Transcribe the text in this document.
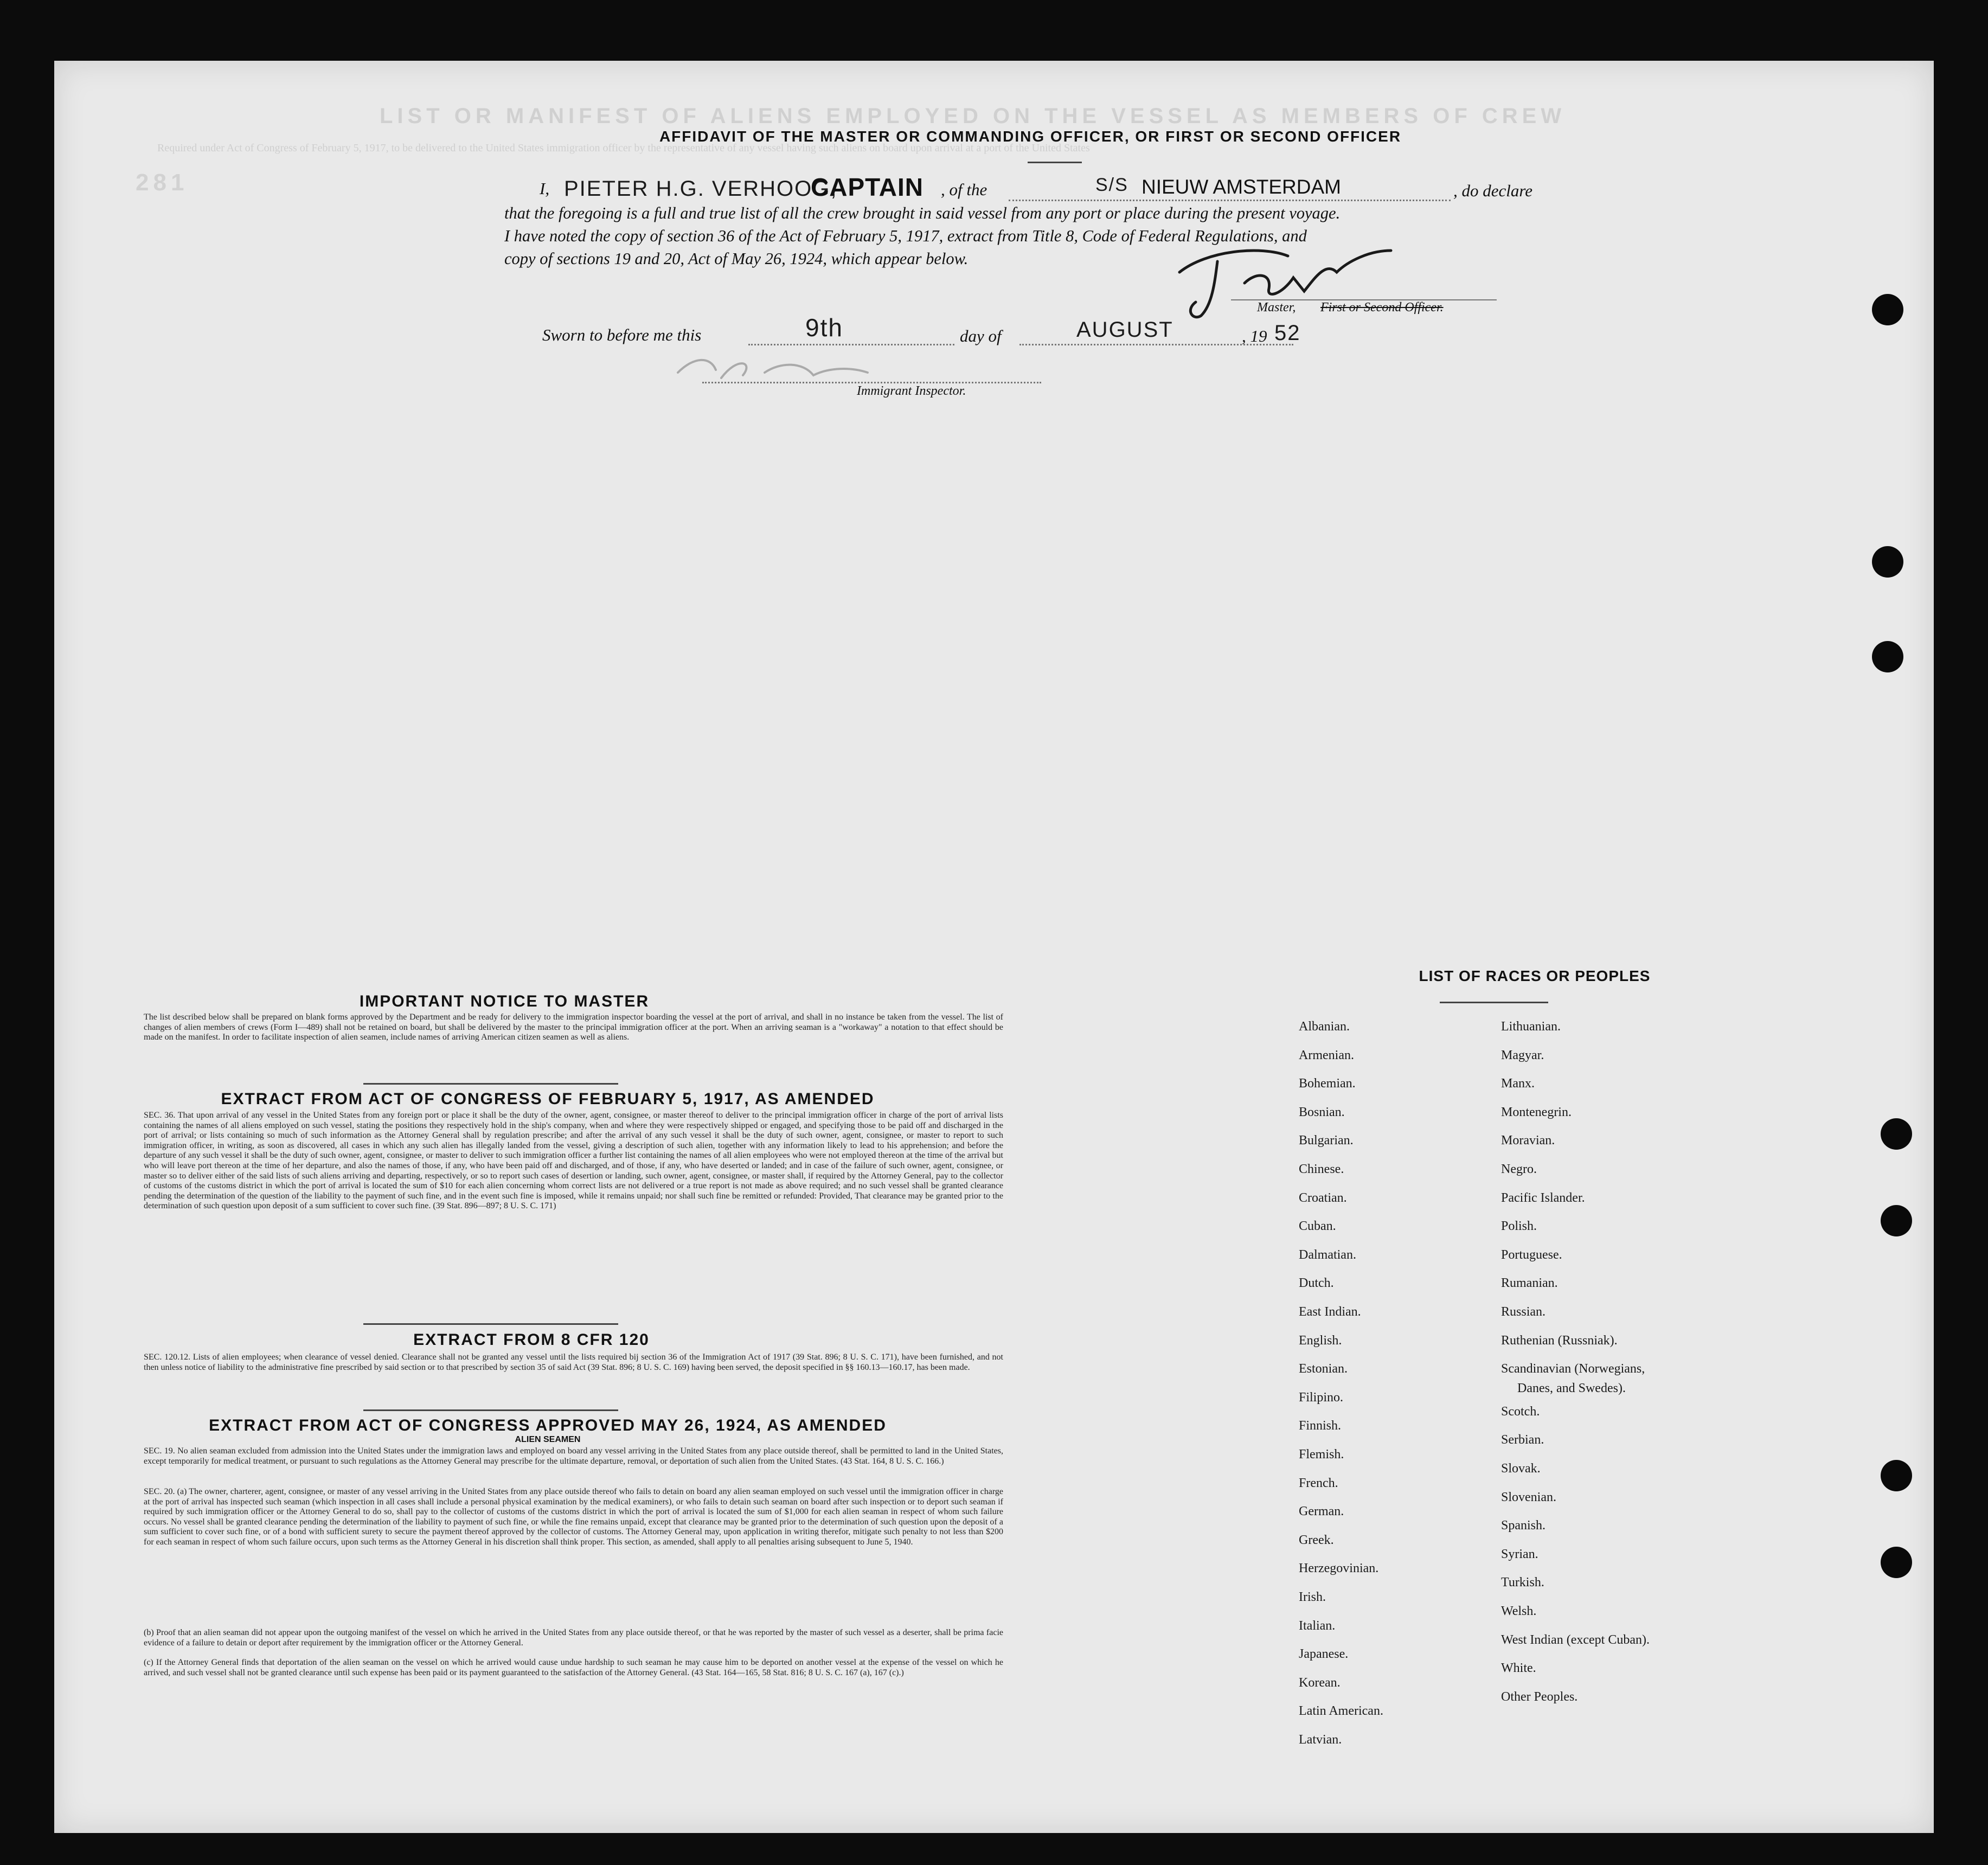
LIST OR MANIFEST OF ALIENS EMPLOYED ON THE VESSEL AS MEMBERS OF CREW
Required under Act of Congress of February 5, 1917, to be delivered to the United States immigration officer by the representative of any vessel having such aliens on board upon arrival at a port of the United States
281
AFFIDAVIT OF THE MASTER OR COMMANDING OFFICER, OR FIRST OR SECOND OFFICER
I, PIETER H.G. VERHOOG,
CAPTAIN , of the	S/S NIEUW AMSTERDAM	, do declare
that the foregoing is a full and true list of all the crew brought in said vessel from any port or place during the present voyage.
I have noted the copy of section 36 of the Act of February 5, 1917, extract from Title 8, Code of Federal Regulations, and
copy of sections 19 and 20, Act of May 26, 1924, which appear below.
Master, First or Second Officer.
Sworn to before me this	9th	day of	AUGUST	, 19 52
Immigrant Inspector.
IMPORTANT NOTICE TO MASTER
The list described below shall be prepared on blank forms approved by the Department and be ready for delivery to the immigration inspector boarding the vessel at the port of arrival, and shall in no instance be taken from the vessel. The list of changes of alien members of crews (Form I—489) shall not be retained on board, but shall be delivered by the master to the principal immigration officer at the port. When an arriving seaman is a "workaway" a notation to that effect should be made on the manifest. In order to facilitate inspection of alien seamen, include names of arriving American citizen seamen as well as aliens.
EXTRACT FROM ACT OF CONGRESS OF FEBRUARY 5, 1917, AS AMENDED
SEC. 36. That upon arrival of any vessel in the United States from any foreign port or place it shall be the duty of the owner, agent, consignee, or master thereof to deliver to the principal immigration officer in charge of the port of arrival lists containing the names of all aliens employed on such vessel, stating the positions they respectively hold in the ship's company, when and where they were respectively shipped or engaged, and specifying those to be paid off and discharged in the port of arrival; or lists containing so much of such information as the Attorney General shall by regulation prescribe; and after the arrival of any such vessel it shall be the duty of such owner, agent, consignee, or master to report to such immigration officer, in writing, as soon as discovered, all cases in which any such alien has illegally landed from the vessel, giving a description of such alien, together with any information likely to lead to his apprehension; and before the departure of any such vessel it shall be the duty of such owner, agent, consignee, or master to deliver to such immigration officer a further list containing the names of all alien employees who were not employed thereon at the time of the arrival but who will leave port thereon at the time of her departure, and also the names of those, if any, who have been paid off and discharged, and of those, if any, who have deserted or landed; and in case of the failure of such owner, agent, consignee, or master so to deliver either of the said lists of such aliens arriving and departing, respectively, or so to report such cases of desertion or landing, such owner, agent, consignee, or master shall, if required by the Attorney General, pay to the collector of customs of the customs district in which the port of arrival is located the sum of $10 for each alien concerning whom correct lists are not delivered or a true report is not made as above required; and no such vessel shall be granted clearance pending the determination of the question of the liability to the payment of such fine, and in the event such fine is imposed, while it remains unpaid; nor shall such fine be remitted or refunded: Provided, That clearance may be granted prior to the determination of such question upon deposit of a sum sufficient to cover such fine. (39 Stat. 896—897; 8 U. S. C. 171)
EXTRACT FROM 8 CFR 120
SEC. 120.12. Lists of alien employees; when clearance of vessel denied. Clearance shall not be granted any vessel until the lists required bij section 36 of the Immigration Act of 1917 (39 Stat. 896; 8 U. S. C. 171), have been furnished, and not then unless notice of liability to the administrative fine prescribed by said section or to that prescribed by section 35 of said Act (39 Stat. 896; 8 U. S. C. 169) having been served, the deposit specified in §§ 160.13—160.17, has been made.
EXTRACT FROM ACT OF CONGRESS APPROVED MAY 26, 1924, AS AMENDED
ALIEN SEAMEN
SEC. 19. No alien seaman excluded from admission into the United States under the immigration laws and employed on board any vessel arriving in the United States from any place outside thereof, shall be permitted to land in the United States, except temporarily for medical treatment, or pursuant to such regulations as the Attorney General may prescribe for the ultimate departure, removal, or deportation of such alien from the United States. (43 Stat. 164, 8 U. S. C. 166.)
SEC. 20. (a) The owner, charterer, agent, consignee, or master of any vessel arriving in the United States from any place outside thereof who fails to detain on board any alien seaman employed on such vessel until the immigration officer in charge at the port of arrival has inspected such seaman (which inspection in all cases shall include a personal physical examination by the medical examiners), or who fails to detain such seaman on board after such inspection or to deport such seaman if required by such immigration officer or the Attorney General to do so, shall pay to the collector of customs of the customs district in which the port of arrival is located the sum of $1,000 for each alien seaman in respect of whom such failure occurs. No vessel shall be granted clearance pending the determination of the liability to payment of such fine, or while the fine remains unpaid, except that clearance may be granted prior to the determination of such question upon the deposit of a sum sufficient to cover such fine, or of a bond with sufficient surety to secure the payment thereof approved by the collector of customs. The Attorney General may, upon application in writing therefor, mitigate such penalty to not less than $200 for each seaman in respect of whom such failure occurs, upon such terms as the Attorney General in his discretion shall think proper. This section, as amended, shall apply to all penalties arising subsequent to June 5, 1940.
(b) Proof that an alien seaman did not appear upon the outgoing manifest of the vessel on which he arrived in the United States from any place outside thereof, or that he was reported by the master of such vessel as a deserter, shall be prima facie evidence of a failure to detain or deport after requirement by the immigration officer or the Attorney General.
(c) If the Attorney General finds that deportation of the alien seaman on the vessel on which he arrived would cause undue hardship to such seaman he may cause him to be deported on another vessel at the expense of the vessel on which he arrived, and such vessel shall not be granted clearance until such expense has been paid or its payment guaranteed to the satisfaction of the Attorney General. (43 Stat. 164—165, 58 Stat. 816; 8 U. S. C. 167 (a), 167 (c).)
LIST OF RACES OR PEOPLES
Albanian.
Armenian.
Bohemian.
Bosnian.
Bulgarian.
Chinese.
Croatian.
Cuban.
Dalmatian.
Dutch.
East Indian.
English.
Estonian.
Filipino.
Finnish.
Flemish.
French.
German.
Greek.
Herzegovinian.
Irish.
Italian.
Japanese.
Korean.
Latin American.
Latvian.
Lithuanian.
Magyar.
Manx.
Montenegrin.
Moravian.
Negro.
Pacific Islander.
Polish.
Portuguese.
Rumanian.
Russian.
Ruthenian (Russniak).
Scandinavian (Norwegians,
Danes, and Swedes).
Scotch.
Serbian.
Slovak.
Slovenian.
Spanish.
Syrian.
Turkish.
Welsh.
West Indian (except Cuban).
White.
Other Peoples.
